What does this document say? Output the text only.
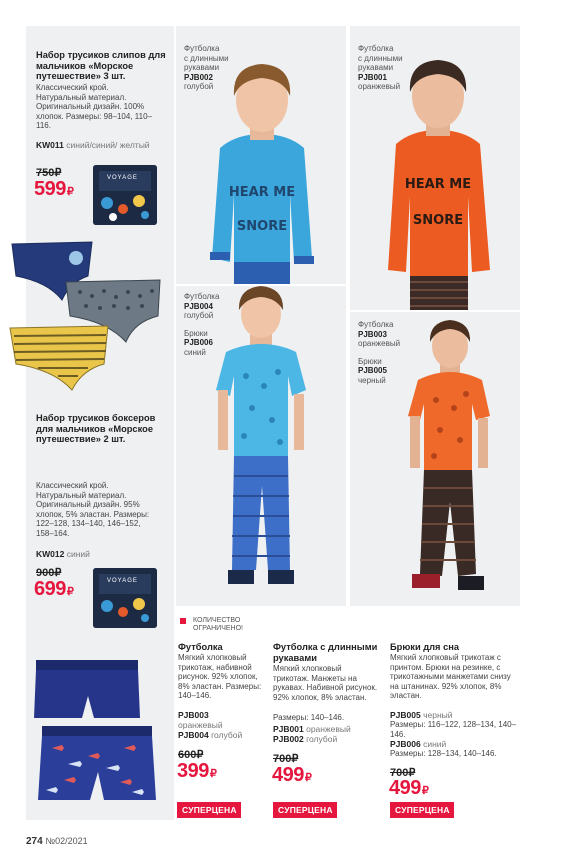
Набор трусиков слипов для мальчиков «Морское путешествие» 3 шт.
Классический крой. Натуральный материал. Оригинальный дизайн. 100% хлопок. Размеры: 98–104, 110–116.
KW011 синий/синий/ желтый
750₽
599₽
VOYAGE
Набор трусиков боксеров для мальчиков «Морское путешествие» 2 шт.
Классический крой. Натуральный материал. Оригинальный дизайн. 95% хлопок, 5% эластан. Размеры: 122–128, 134–140, 146–152, 158–164.
KW012 синий
900₽
699₽
VOYAGE
HEAR ME
SNORE
Футболка
с длинными
рукавами
PJB002
голубой
HEAR ME
SNORE
Футболка
с длинными
рукавами
PJB001
оранжевый
Футболка
PJB004
голубой
Брюки
PJB006
синий
Футболка
PJB003
оранжевый
Брюки
PJB005
черный
КОЛИЧЕСТВО
ОГРАНИЧЕНО!
Футболка
Мягкий хлопковый трикотаж, набивной рисунок. 92% хлопок, 8% эластан. Размеры: 140–146.
PJB003
оранжевый
PJB004 голубой
600₽
399₽
СУПЕРЦЕНА
Футболка с длинными рукавами
Мягкий хлопковый трикотаж. Манжеты на рукавах. Набивной рисунок. 92% хлопок, 8% эластан.
Размеры: 140–146.
PJB001 оранжевый
PJB002 голубой
700₽
499₽
СУПЕРЦЕНА
Брюки для сна
Мягкий хлопковый трикотаж с принтом. Брюки на резинке, с трикотажными манжетами снизу на штанинах. 92% хлопок, 8% эластан.
PJB005 черный
Размеры: 116–122, 128–134, 140–146.
PJB006 синий
Размеры: 128–134, 140–146.
700₽
499₽
СУПЕРЦЕНА
274 №02/2021
